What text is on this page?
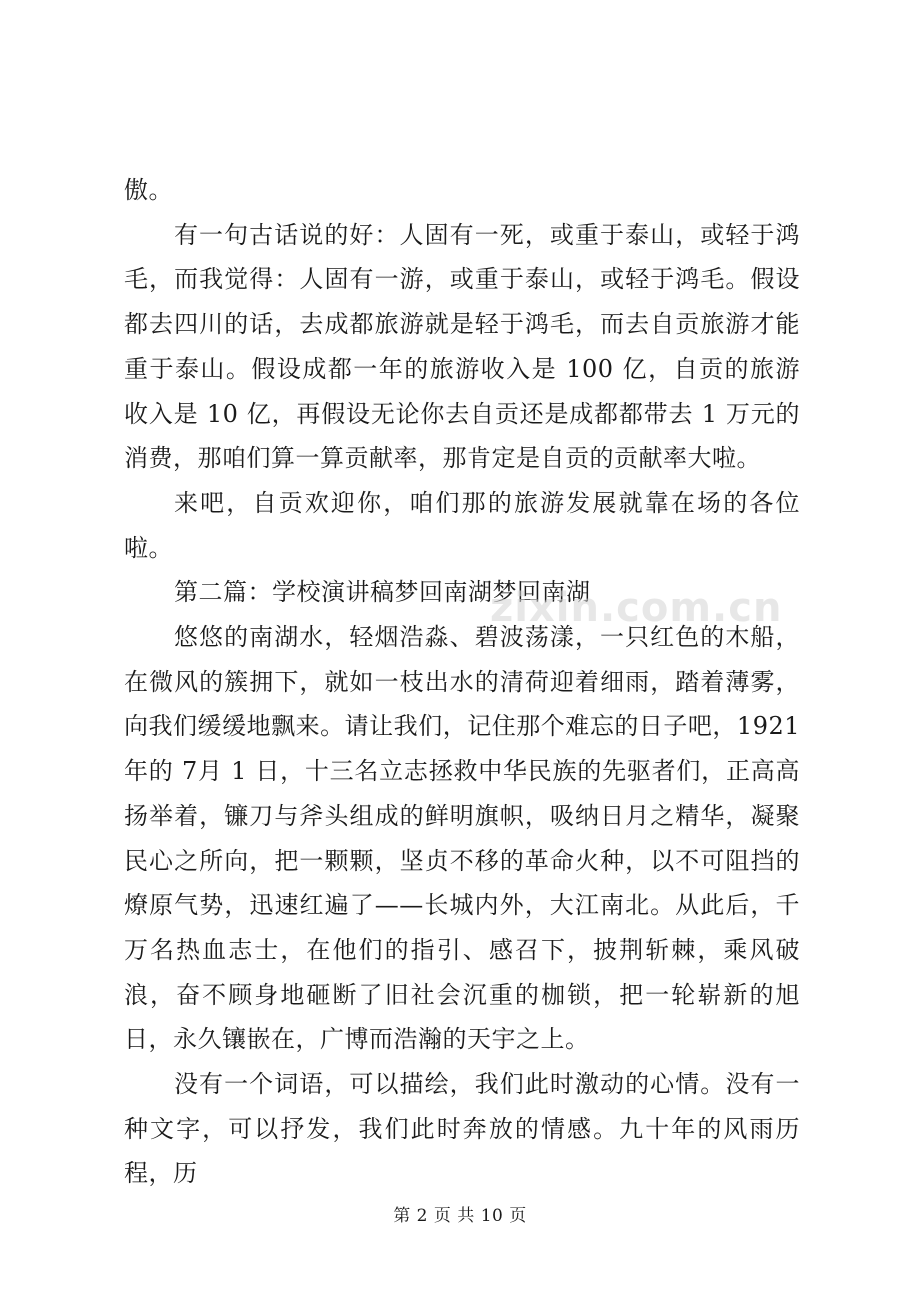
傲。

有一句古话说的好：人固有一死，或重于泰山，或轻于鸿毛，而我觉得：人固有一游，或重于泰山，或轻于鸿毛。假设都去四川的话，去成都旅游就是轻于鸿毛，而去自贡旅游才能重于泰山。假设成都一年的旅游收入是 100 亿，自贡的旅游收入是 10 亿，再假设无论你去自贡还是成都都带去 1 万元的消费，那咱们算一算贡献率，那肯定是自贡的贡献率大啦。

来吧，自贡欢迎你，咱们那的旅游发展就靠在场的各位啦。

第二篇：学校演讲稿梦回南湖梦回南湖

悠悠的南湖水，轻烟浩淼、碧波荡漾，一只红色的木船，在微风的簇拥下，就如一枝出水的清荷迎着细雨，踏着薄雾，向我们缓缓地飘来。请让我们，记住那个难忘的日子吧，1921 年的 7月 1 日，十三名立志拯救中华民族的先驱者们，正高高扬举着，镰刀与斧头组成的鲜明旗帜，吸纳日月之精华，凝聚民心之所向，把一颗颗，坚贞不移的革命火种，以不可阻挡的燎原气势，迅速红遍了——长城内外，大江南北。从此后，千万名热血志士，在他们的指引、感召下，披荆斩棘，乘风破浪，奋不顾身地砸断了旧社会沉重的枷锁，把一轮崭新的旭日，永久镶嵌在，广博而浩瀚的天宇之上。

没有一个词语，可以描绘，我们此时激动的心情。没有一种文字，可以抒发，我们此时奔放的情感。九十年的风雨历程，历

zixin.com.cn
第 2 页 共 10 页
